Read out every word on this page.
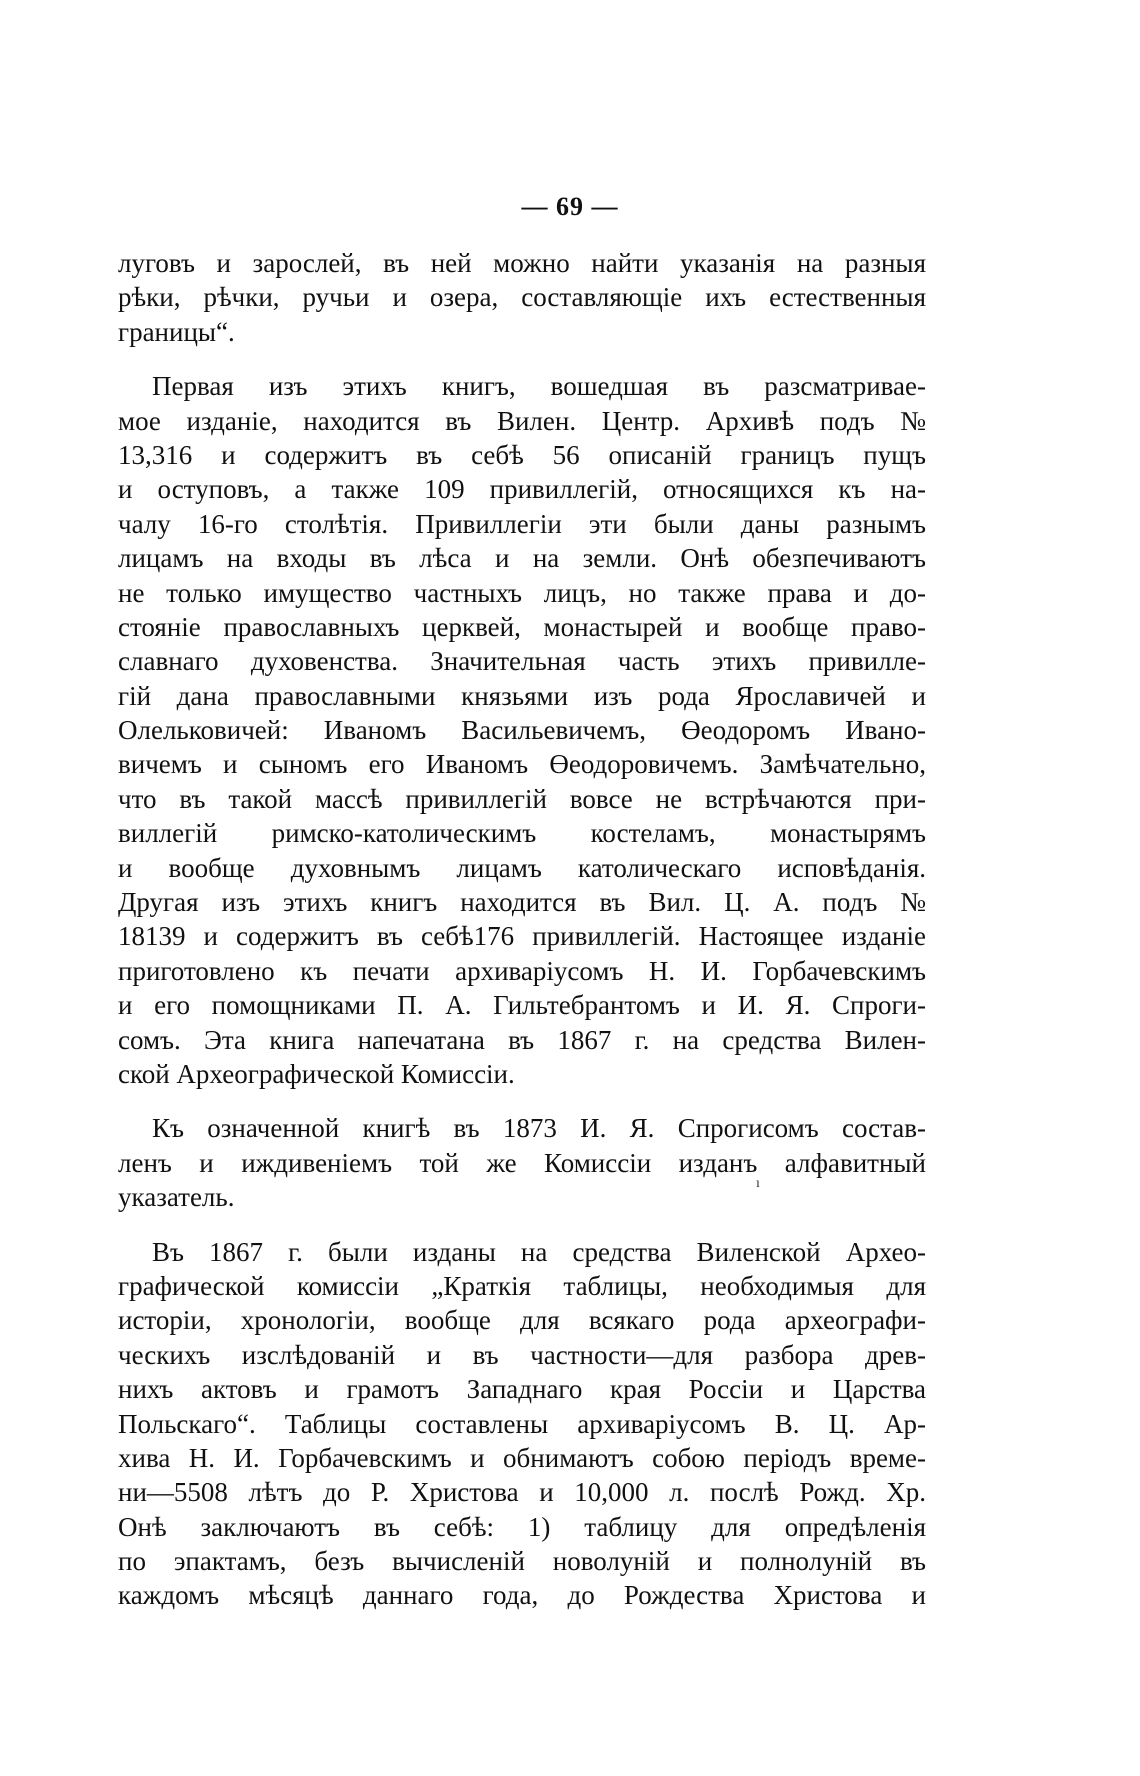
— 69 —
луговъ и зарослей, въ ней можно найти указанія на разныя
рѣки, рѣчки, ручьи и озера, составляющіе ихъ естественныя
границы“.
Первая изъ этихъ книгъ, вошедшая въ разсматривае-
мое изданіе, находится въ Вилен. Центр. Архивѣ подъ №
13,316 и содержитъ въ себѣ 56 описаній границъ пущъ
и оступовъ, а также 109 привиллегій, относящихся къ на-
чалу 16-го столѣтія. Привиллегіи эти были даны разнымъ
лицамъ на входы въ лѣса и на земли. Онѣ обезпечиваютъ
не только имущество частныхъ лицъ, но также права и до-
стояніе православныхъ церквей, монастырей и вообще право-
славнаго духовенства. Значительная часть этихъ привилле-
гій дана православными князьями изъ рода Ярославичей и
Олельковичей: Иваномъ Васильевичемъ, Өеодоромъ Ивано-
вичемъ и сыномъ его Иваномъ Өеодоровичемъ. Замѣчательно,
что въ такой массѣ привиллегій вовсе не встрѣчаются при-
виллегій римско-католическимъ костеламъ, монастырямъ
и вообще духовнымъ лицамъ католическаго исповѣданія.
Другая изъ этихъ книгъ находится въ Вил. Ц. А. подъ №
18139 и содержитъ въ себѣ176 привиллегій. Настоящее изданіе
приготовлено къ печати архиваріусомъ Н. И. Горбачевскимъ
и его помощниками П. А. Гильтебрантомъ и И. Я. Спроги-
сомъ. Эта книга напечатана въ 1867 г. на средства Вилен-
ской Археографической Комиссіи.
Къ означенной книгѣ въ 1873 И. Я. Спрогисомъ состав-
ленъ и иждивеніемъ той же Комиссіи изданъ алфавитный
указатель.
Въ 1867 г. были изданы на средства Виленской Архео-
графической комиссіи „Краткія таблицы, необходимыя для
исторіи, хронологіи, вообще для всякаго рода археографи-
ческихъ изслѣдованій и въ частности—для разбора древ-
нихъ актовъ и грамотъ Западнаго края Россіи и Царства
Польскаго“. Таблицы составлены архиваріусомъ В. Ц. Ар-
хива Н. И. Горбачевскимъ и обнимаютъ собою періодъ време-
ни—5508 лѣтъ до Р. Христова и 10,000 л. послѣ Рожд. Хр.
Онѣ заключаютъ въ себѣ: 1) таблицу для опредѣленія
по эпактамъ, безъ вычисленій новолуній и полнолуній въ
каждомъ мѣсяцѣ даннаго года, до Рождества Христова и
ı
